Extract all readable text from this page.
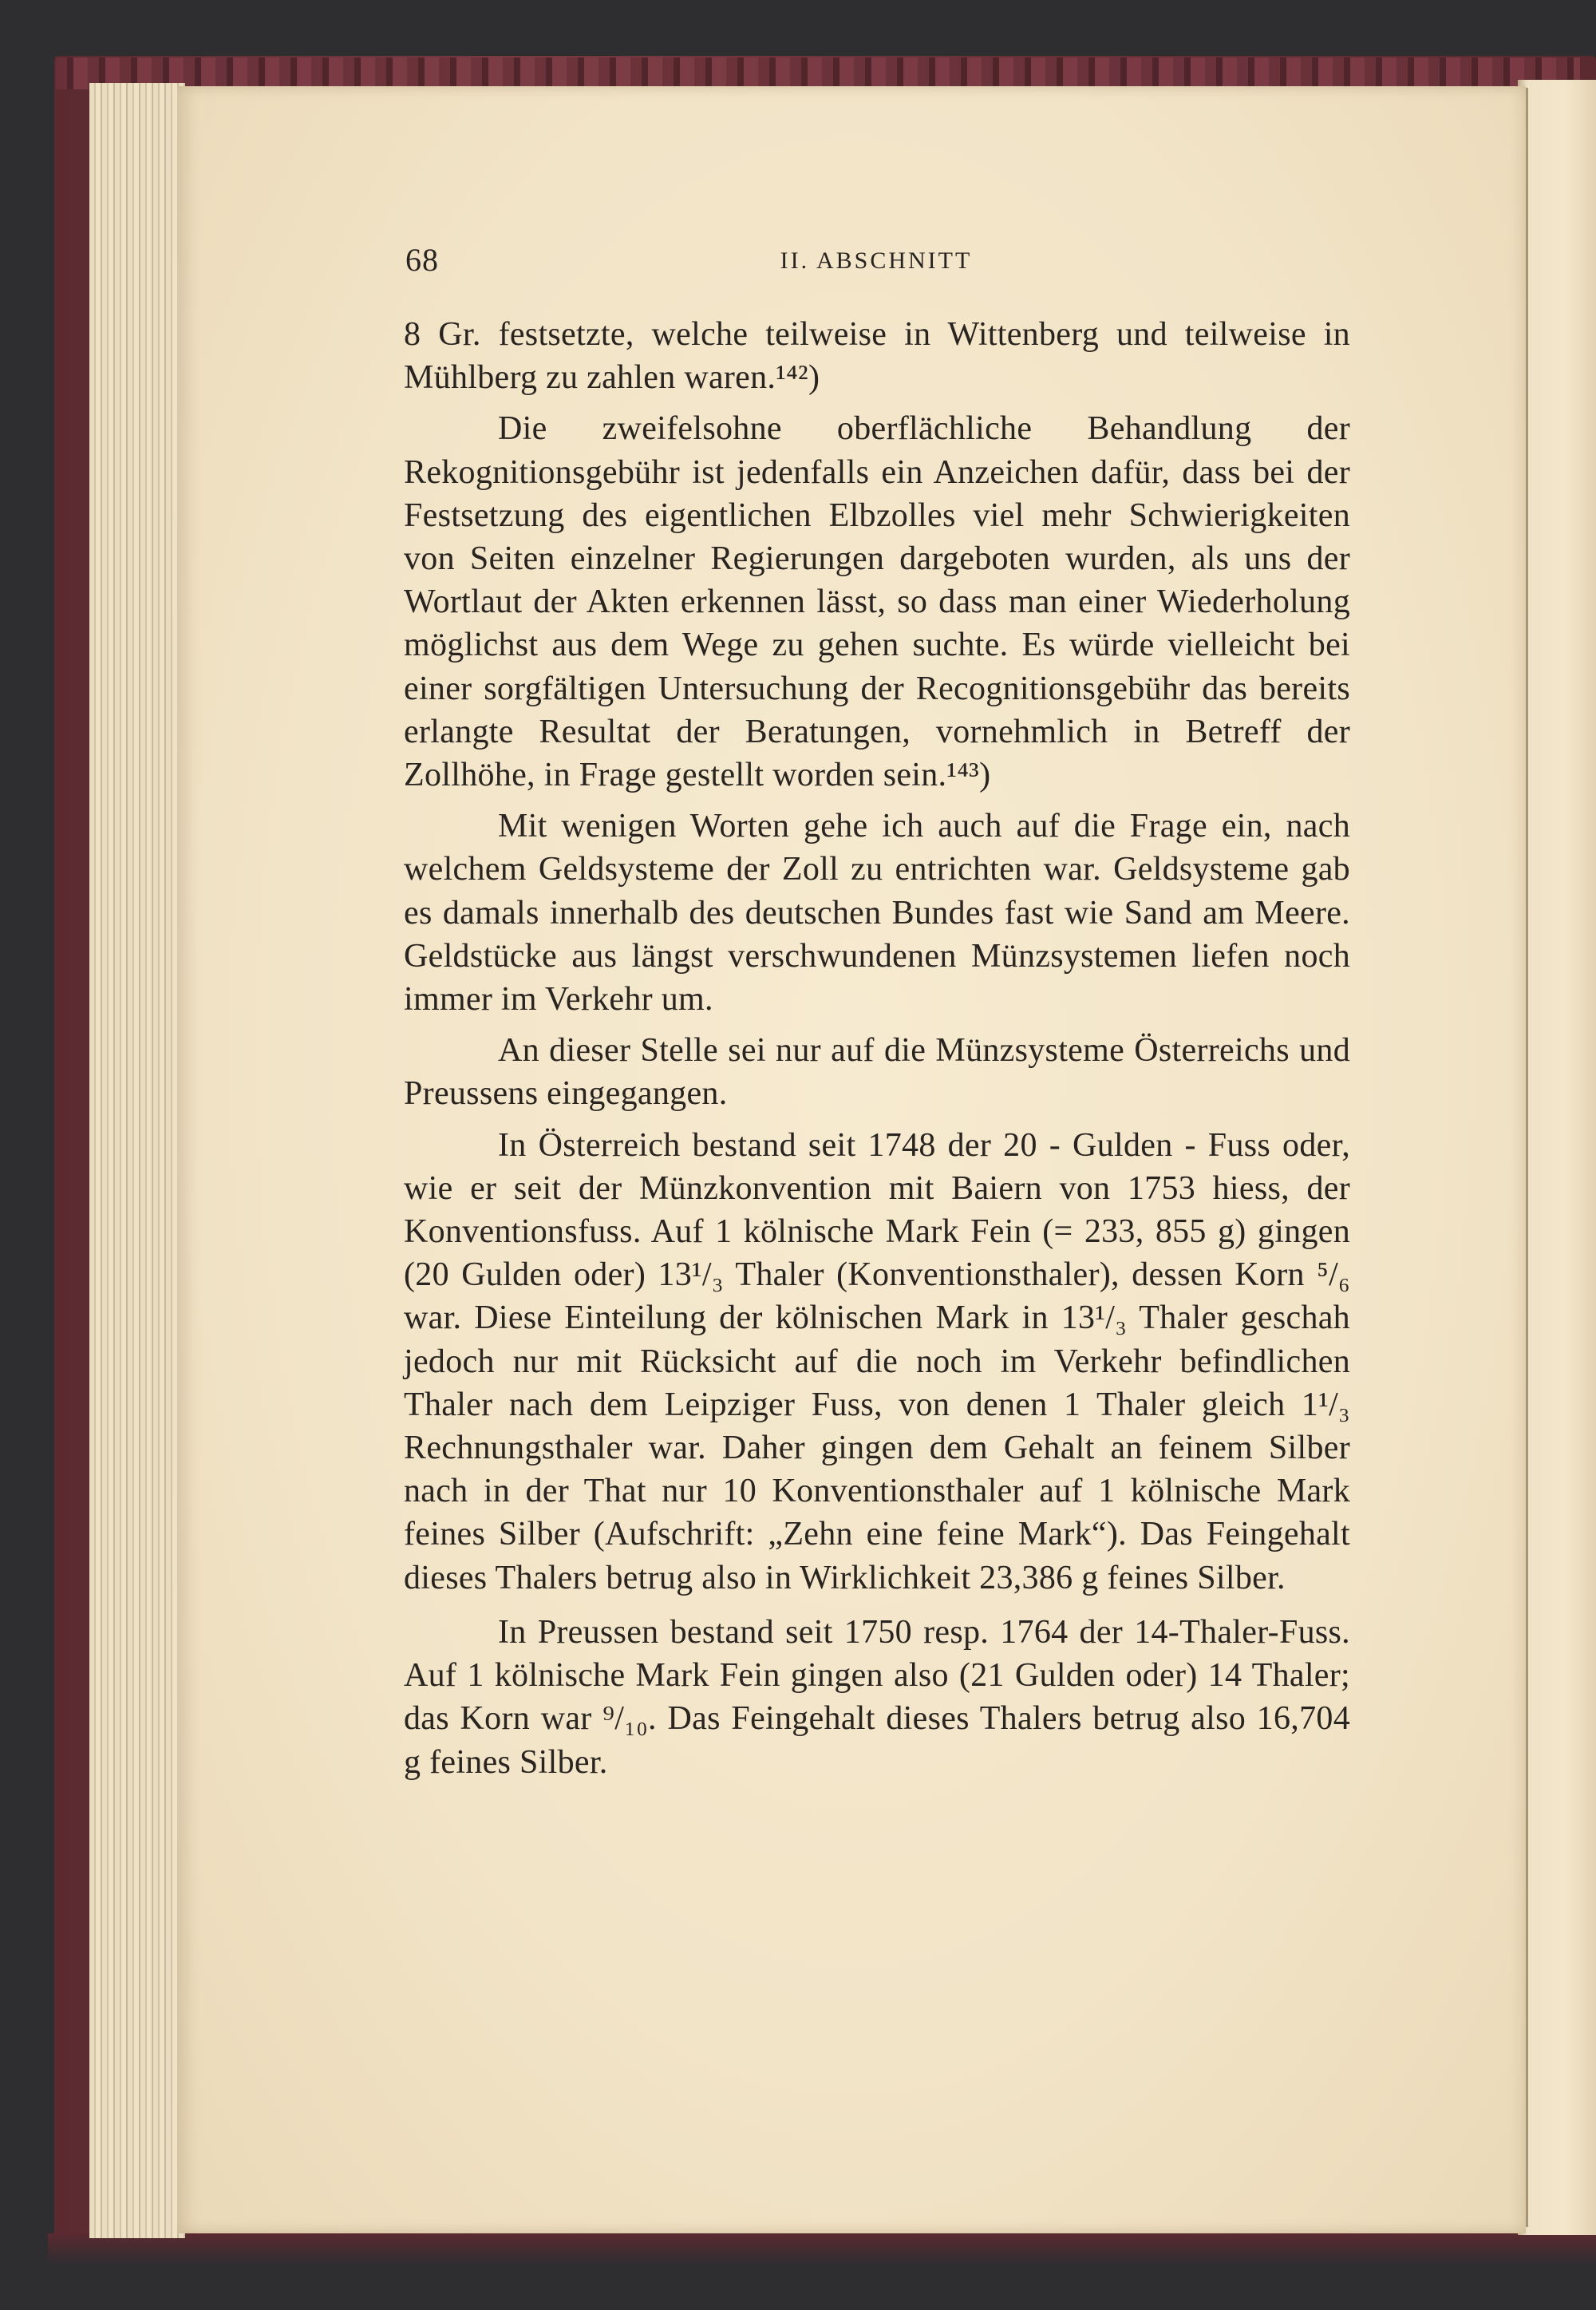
68	II. ABSCHNITT

8 Gr. festsetzte, welche teilweise in Wittenberg und teilweise in Mühlberg zu zahlen waren.¹⁴²)

Die zweifelsohne oberflächliche Behandlung der Rekognitionsgebühr ist jedenfalls ein Anzeichen dafür, dass bei der Festsetzung des eigentlichen Elbzolles viel mehr Schwierigkeiten von Seiten einzelner Regierungen dargeboten wurden, als uns der Wortlaut der Akten erkennen lässt, so dass man einer Wiederholung möglichst aus dem Wege zu gehen suchte. Es würde vielleicht bei einer sorgfältigen Untersuchung der Recognitionsgebühr das bereits erlangte Resultat der Beratungen, vornehmlich in Betreff der Zollhöhe, in Frage gestellt worden sein.¹⁴³)

Mit wenigen Worten gehe ich auch auf die Frage ein, nach welchem Geldsysteme der Zoll zu entrichten war. Geldsysteme gab es damals innerhalb des deutschen Bundes fast wie Sand am Meere. Geldstücke aus längst verschwundenen Münzsystemen liefen noch immer im Verkehr um.

An dieser Stelle sei nur auf die Münzsysteme Österreichs und Preussens eingegangen.

In Österreich bestand seit 1748 der 20 - Gulden - Fuss oder, wie er seit der Münzkonvention mit Baiern von 1753 hiess, der Konventionsfuss. Auf 1 kölnische Mark Fein (= 233, 855 g) gingen (20 Gulden oder) 13¹/₃ Thaler (Konventionsthaler), dessen Korn ⁵/₆ war. Diese Einteilung der kölnischen Mark in 13¹/₃ Thaler geschah jedoch nur mit Rücksicht auf die noch im Verkehr befindlichen Thaler nach dem Leipziger Fuss, von denen 1 Thaler gleich 1¹/₃ Rechnungsthaler war. Daher gingen dem Gehalt an feinem Silber nach in der That nur 10 Konventionsthaler auf 1 kölnische Mark feines Silber (Aufschrift: „Zehn eine feine Mark“). Das Feingehalt dieses Thalers betrug also in Wirklichkeit 23,386 g feines Silber.

In Preussen bestand seit 1750 resp. 1764 der 14-Thaler-Fuss. Auf 1 kölnische Mark Fein gingen also (21 Gulden oder) 14 Thaler; das Korn war ⁹/₁₀. Das Feingehalt dieses Thalers betrug also 16,704 g feines Silber.
